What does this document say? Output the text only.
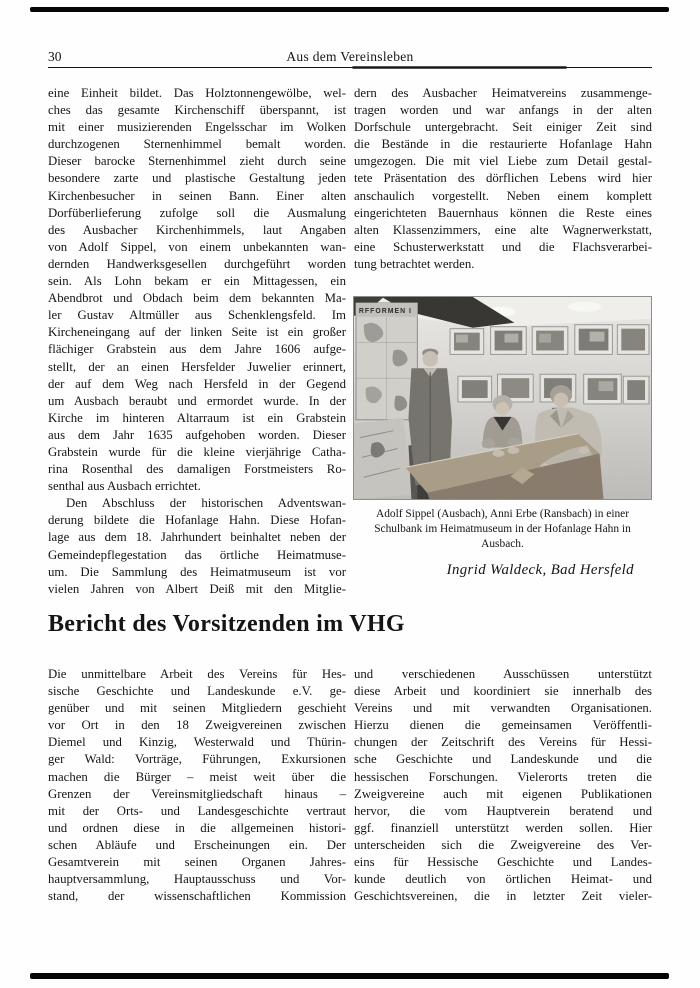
30	Aus dem Vereinsleben
eine Einheit bildet. Das Holztonnengewölbe, wel-
ches das gesamte Kirchenschiff überspannt, ist
mit einer musizierenden Engelsschar im Wolken
durchzogenen Sternenhimmel bemalt worden.
Dieser barocke Sternenhimmel zieht durch seine
besondere zarte und plastische Gestaltung jeden
Kirchenbesucher in seinen Bann. Einer alten
Dorfüberlieferung zufolge soll die Ausmalung
des Ausbacher Kirchenhimmels, laut Angaben
von Adolf Sippel, von einem unbekannten wan-
dernden Handwerksgesellen durchgeführt worden
sein. Als Lohn bekam er ein Mittagessen, ein
Abendbrot und Obdach beim dem bekannten Ma-
ler Gustav Altmüller aus Schenklengsfeld. Im
Kircheneingang auf der linken Seite ist ein großer
flächiger Grabstein aus dem Jahre 1606 aufge-
stellt, der an einen Hersfelder Juwelier erinnert,
der auf dem Weg nach Hersfeld in der Gegend
um Ausbach beraubt und ermordet wurde. In der
Kirche im hinteren Altarraum ist ein Grabstein
aus dem Jahr 1635 aufgehoben worden. Dieser
Grabstein wurde für die kleine vierjährige Catha-
rina Rosenthal des damaligen Forstmeisters Ro-
senthal aus Ausbach errichtet.
Den Abschluss der historischen Adventswan-
derung bildete die Hofanlage Hahn. Diese Hofan-
lage aus dem 18. Jahrhundert beinhaltet neben der
Gemeindepflegestation das örtliche Heimatmuse-
um. Die Sammlung des Heimatmuseum ist vor
vielen Jahren von Albert Deiß mit den Mitglie-
dern des Ausbacher Heimatvereins zusammenge-
tragen worden und war anfangs in der alten
Dorfschule untergebracht. Seit einiger Zeit sind
die Bestände in die restaurierte Hofanlage Hahn
umgezogen. Die mit viel Liebe zum Detail gestal-
tete Präsentation des dörflichen Lebens wird hier
anschaulich vorgestellt. Neben einem komplett
eingerichteten Bauernhaus können die Reste eines
alten Klassenzimmers, eine alte Wagnerwerkstatt,
eine Schusterwerkstatt und die Flachsverarbei-
tung betrachtet werden.
RFFORMEN I
Adolf Sippel (Ausbach), Anni Erbe (Ransbach) in einer
Schulbank im Heimatmuseum in der Hofanlage Hahn in
Ausbach.
Ingrid Waldeck, Bad Hersfeld
Bericht des Vorsitzenden im VHG
Die unmittelbare Arbeit des Vereins für Hes-
sische Geschichte und Landeskunde e.V. ge-
genüber und mit seinen Mitgliedern geschieht
vor Ort in den 18 Zweigvereinen zwischen
Diemel und Kinzig, Westerwald und Thürin-
ger Wald: Vorträge, Führungen, Exkursionen
machen die Bürger – meist weit über die
Grenzen der Vereinsmitgliedschaft hinaus –
mit der Orts- und Landesgeschichte vertraut
und ordnen diese in die allgemeinen histori-
schen Abläufe und Erscheinungen ein. Der
Gesamtverein mit seinen Organen Jahres-
hauptversammlung, Hauptausschuss und Vor-
stand, der wissenschaftlichen Kommission
und verschiedenen Ausschüssen unterstützt
diese Arbeit und koordiniert sie innerhalb des
Vereins und mit verwandten Organisationen.
Hierzu dienen die gemeinsamen Veröffentli-
chungen der Zeitschrift des Vereins für Hessi-
sche Geschichte und Landeskunde und die
hessischen Forschungen. Vielerorts treten die
Zweigvereine auch mit eigenen Publikationen
hervor, die vom Hauptverein beratend und
ggf. finanziell unterstützt werden sollen. Hier
unterscheiden sich die Zweigvereine des Ver-
eins für Hessische Geschichte und Landes-
kunde deutlich von örtlichen Heimat- und
Geschichtsvereinen, die in letzter Zeit vieler-
